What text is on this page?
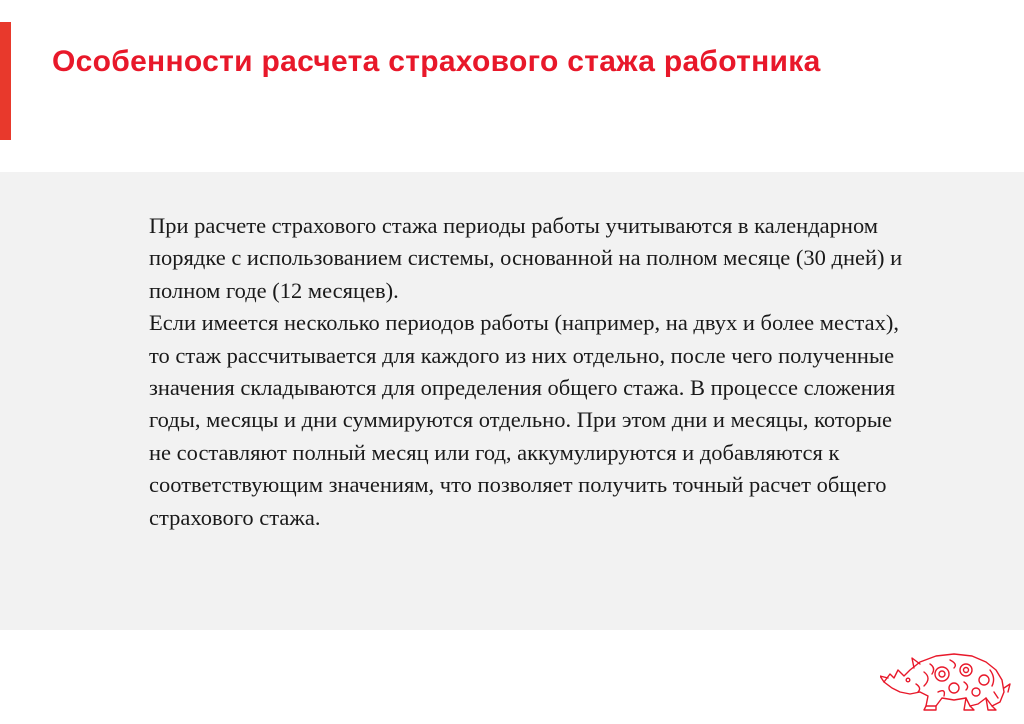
Особенности расчета страхового стажа работника

При расчете страхового стажа периоды работы учитываются в календарном порядке с использованием системы, основанной на полном месяце (30 дней) и полном годе (12 месяцев).

Если имеется несколько периодов работы (например, на двух и более местах), то стаж рассчитывается для каждого из них отдельно, после чего полученные значения складываются для определения общего стажа. В процессе сложения годы, месяцы и дни суммируются отдельно. При этом дни и месяцы, которые не составляют полный месяц или год, аккумулируются и добавляются к соответствующим значениям, что позволяет получить точный расчет общего страхового стажа.
